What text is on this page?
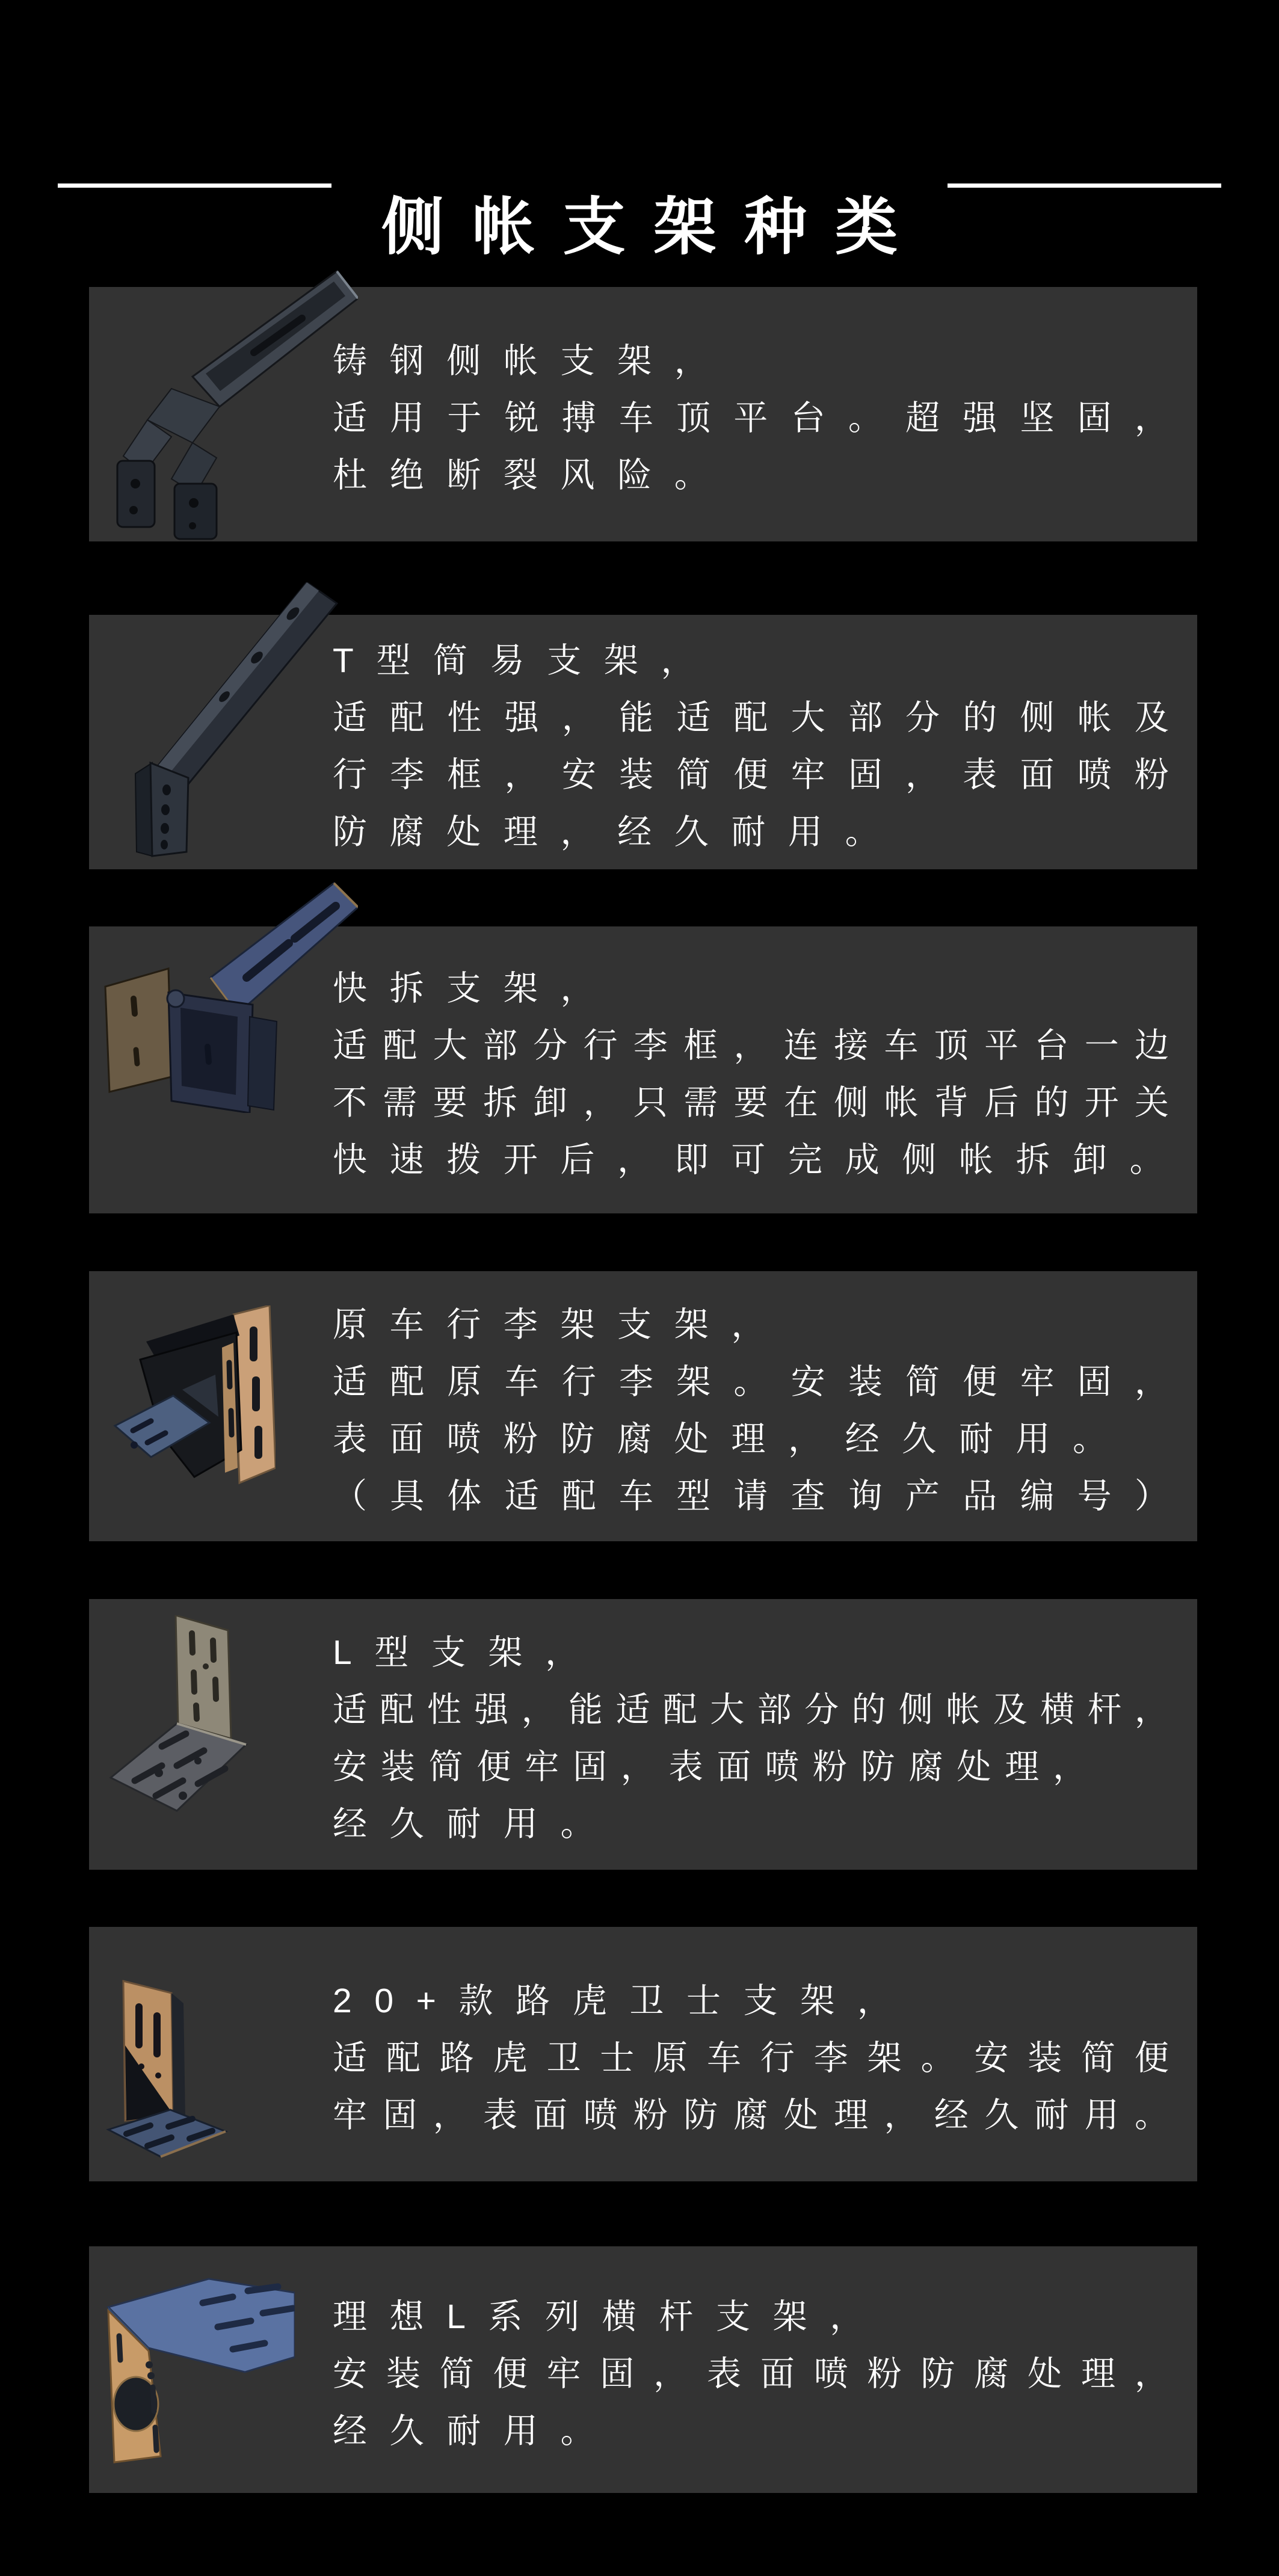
侧帐支架种类
铸钢侧帐支架，
适 用 于 锐 搏 车 顶 平 台 。 超 强 坚 固 ，
杜绝断裂风险。
T型简易支架，
适 配 性 强 ， 能 适 配 大 部 分 的 侧 帐 及
行 李 框 ， 安 装 简 便 牢 固 ， 表 面 喷 粉
防腐处理，经久耐用。
快拆支架，
适 配 大 部 分 行 李 框 ， 连 接 车 顶 平 台 一 边
不 需 要 拆 卸 ， 只 需 要 在 侧 帐 背 后 的 开 关
快速拨开后，即可完成侧帐拆卸。
原车行李架支架，
适 配 原 车 行 李 架 。 安 装 简 便 牢 固 ，
表面喷粉防腐处理，经久耐用。
（ 具 体 适 配 车 型 请 查 询 产 品 编 号 ）
L型支架，
适 配 性 强 ， 能 适 配 大 部 分 的 侧 帐 及 横 杆 ，
安装简便牢固，表面喷粉防腐处理，
经久耐用。
20+款路虎卫士支架，
适 配 路 虎 卫 士 原 车 行 李 架 。 安 装 简 便
牢 固 ， 表 面 喷 粉 防 腐 处 理 ， 经 久 耐 用 。
理想L系列横杆支架，
安 装 简 便 牢 固 ， 表 面 喷 粉 防 腐 处 理 ，
经久耐用。
